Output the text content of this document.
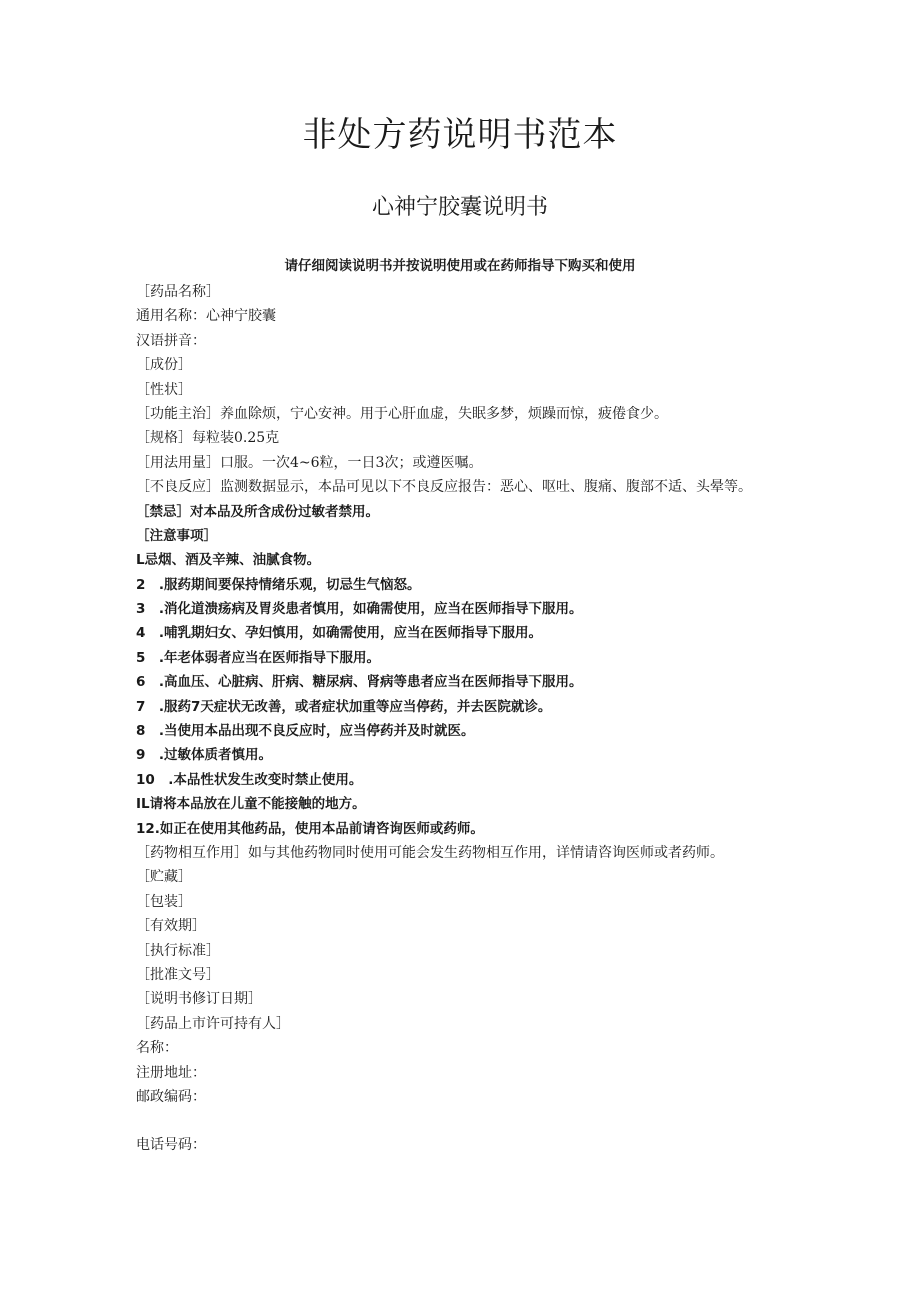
非处方药说明书范本
心神宁胶囊说明书

请仔细阅读说明书并按说明使用或在药师指导下购买和使用

［药品名称］
通用名称：心神宁胶囊
汉语拼音：
［成份］
［性状］
［功能主治］养血除烦，宁心安神。用于心肝血虚，失眠多梦，烦躁而惊，疲倦食少。
［规格］每粒装0.25克
［用法用量］口服。一次4~6粒，一日3次；或遵医嘱。
［不良反应］监测数据显示，本品可见以下不良反应报告：恶心、呕吐、腹痛、腹部不适、头晕等。
［禁忌］对本品及所含成份过敏者禁用。
［注意事项］
L忌烟、酒及辛辣、油腻食物。
2　.服药期间要保持情绪乐观，切忌生气恼怒。
3　.消化道溃疡病及胃炎患者慎用，如确需使用，应当在医师指导下服用。
4　.哺乳期妇女、孕妇慎用，如确需使用，应当在医师指导下服用。
5　.年老体弱者应当在医师指导下服用。
6　.高血压、心脏病、肝病、糖尿病、肾病等患者应当在医师指导下服用。
7　.服药7天症状无改善，或者症状加重等应当停药，并去医院就诊。
8　.当使用本品出现不良反应时，应当停药并及时就医。
9　.过敏体质者慎用。
10　.本品性状发生改变时禁止使用。
IL请将本品放在儿童不能接触的地方。
12.如正在使用其他药品，使用本品前请咨询医师或药师。
［药物相互作用］如与其他药物同时使用可能会发生药物相互作用，详情请咨询医师或者药师。
［贮藏］
［包装］
［有效期］
［执行标准］
［批准文号］
［说明书修订日期］
［药品上市许可持有人］
名称：
注册地址：
邮政编码：
电话号码：
